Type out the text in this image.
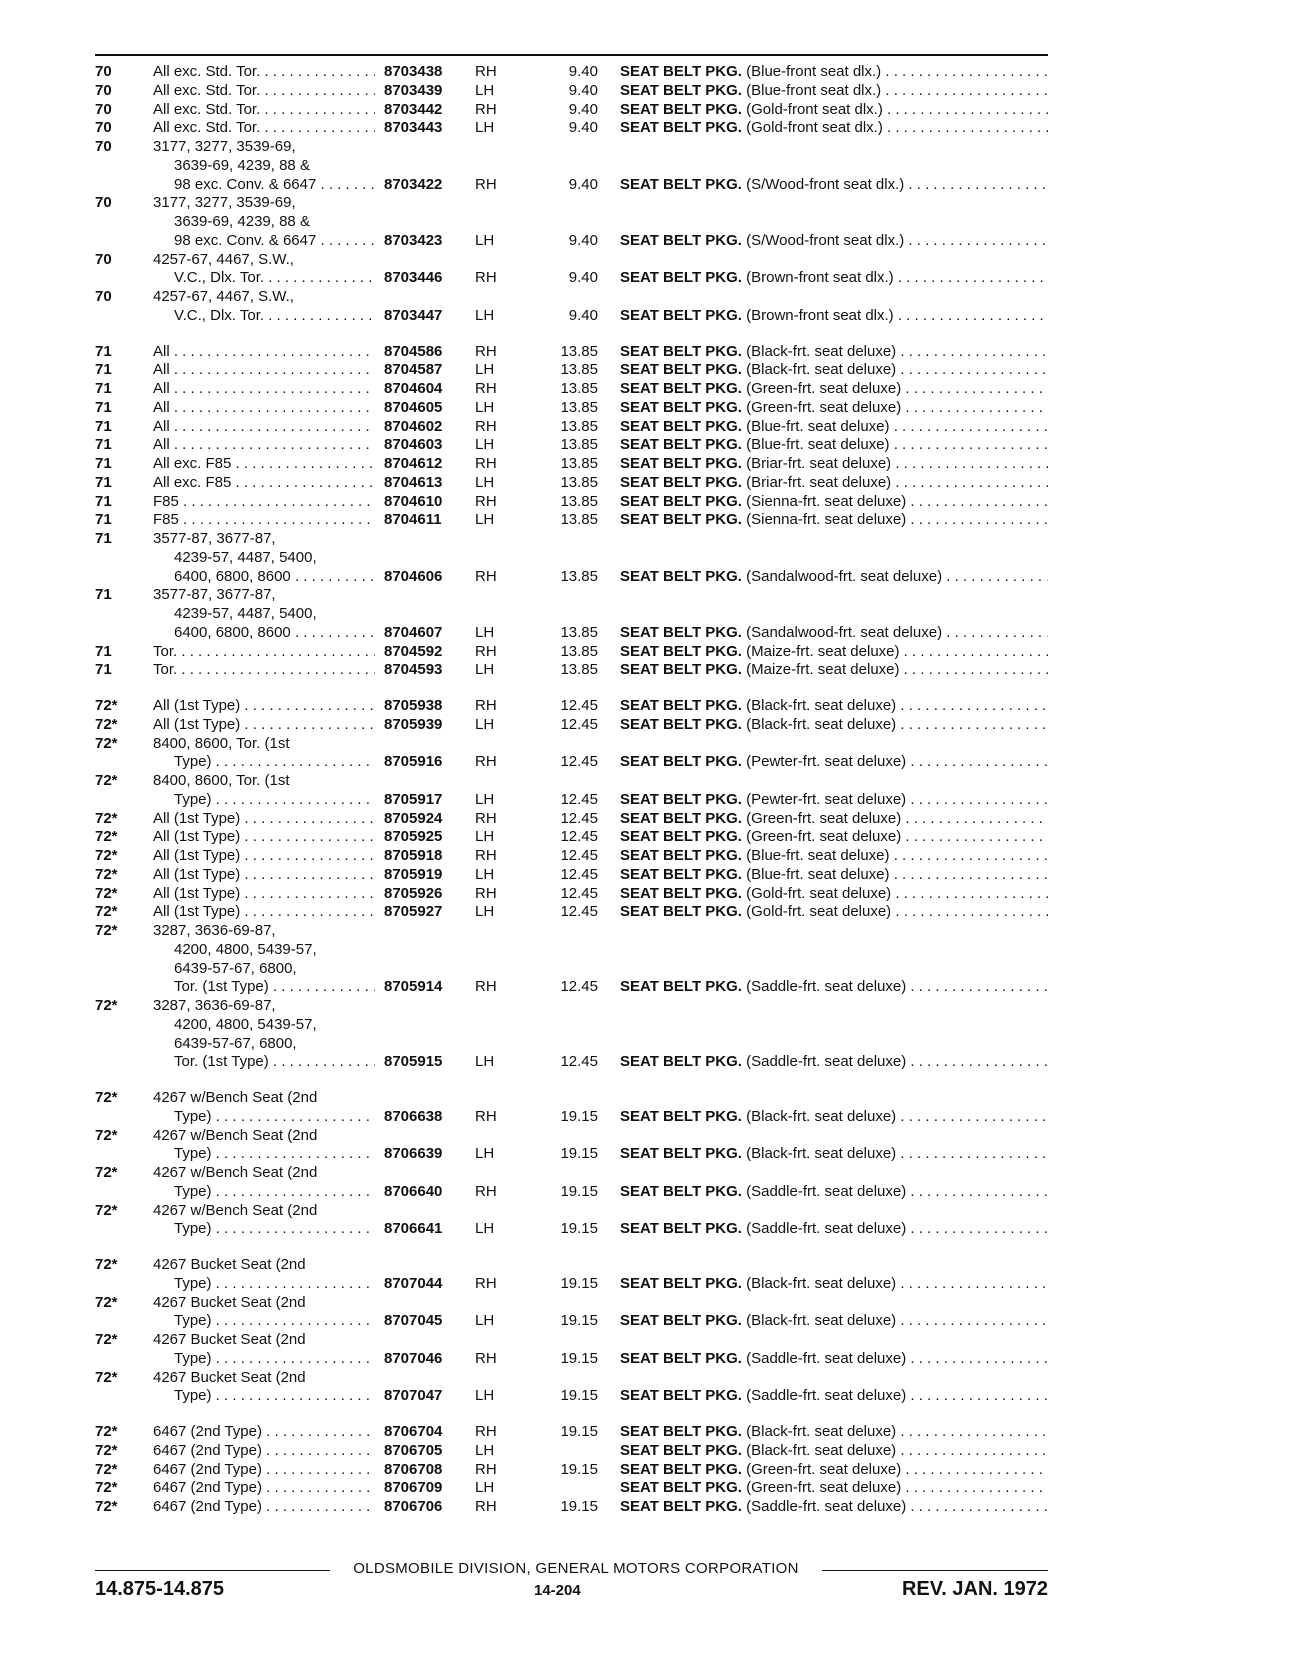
70	All exc. Std. Tor. . . .	8703438 RH	9.40 SEAT BELT PKG. (Blue-front seat dlx.) . . .
70	All exc. Std. Tor. . . .	8703439 LH	9.40 SEAT BELT PKG. (Blue-front seat dlx.) . . .
70	All exc. Std. Tor. . . .	8703442 RH	9.40 SEAT BELT PKG. (Gold-front seat dlx.) . . .
70	All exc. Std. Tor. . . .	8703443 LH	9.40 SEAT BELT PKG. (Gold-front seat dlx.) . . .
70	3177, 3277, 3539-69,
3639-69, 4239, 88 &
98 exc. Conv. & 6647 . . .	8703422 RH	9.40 SEAT BELT PKG. (S/Wood-front seat dlx.) . . .
70	3177, 3277, 3539-69,
3639-69, 4239, 88 &
98 exc. Conv. & 6647 . . .	8703423 LH	9.40 SEAT BELT PKG. (S/Wood-front seat dlx.) . . .
70	4257-67, 4467, S.W.,
V.C., Dlx. Tor. . . .	8703446 RH	9.40 SEAT BELT PKG. (Brown-front seat dlx.) . . .
70	4257-67, 4467, S.W.,
V.C., Dlx. Tor. . . .	8703447 LH	9.40 SEAT BELT PKG. (Brown-front seat dlx.) . . .
71	All . . .	8704586 RH	13.85 SEAT BELT PKG. (Black-frt. seat deluxe) . . .
71	All . . .	8704587 LH	13.85 SEAT BELT PKG. (Black-frt. seat deluxe) . . .
71	All . . .	8704604 RH	13.85 SEAT BELT PKG. (Green-frt. seat deluxe) . . .
71	All . . .	8704605 LH	13.85 SEAT BELT PKG. (Green-frt. seat deluxe) . . .
71	All . . .	8704602 RH	13.85 SEAT BELT PKG. (Blue-frt. seat deluxe) . . .
71	All . . .	8704603 LH	13.85 SEAT BELT PKG. (Blue-frt. seat deluxe) . . .
71	All exc. F85 . . .	8704612 RH	13.85 SEAT BELT PKG. (Briar-frt. seat deluxe) . . .
71	All exc. F85 . . .	8704613 LH	13.85 SEAT BELT PKG. (Briar-frt. seat deluxe) . . .
71	F85 . . .	8704610 RH	13.85 SEAT BELT PKG. (Sienna-frt. seat deluxe) . . .
71	F85 . . .	8704611 LH	13.85 SEAT BELT PKG. (Sienna-frt. seat deluxe) . . .
71	3577-87, 3677-87,
4239-57, 4487, 5400,
6400, 6800, 8600 . . .	8704606 RH	13.85 SEAT BELT PKG. (Sandalwood-frt. seat deluxe) . . .
71	3577-87, 3677-87,
4239-57, 4487, 5400,
6400, 6800, 8600 . . .	8704607 LH	13.85 SEAT BELT PKG. (Sandalwood-frt. seat deluxe) . . .
71	Tor. . . .	8704592 RH	13.85 SEAT BELT PKG. (Maize-frt. seat deluxe) . . .
71	Tor. . . .	8704593 LH	13.85 SEAT BELT PKG. (Maize-frt. seat deluxe) . . .
72* All (1st Type) . . .	8705938 RH	12.45 SEAT BELT PKG. (Black-frt. seat deluxe) . . .
72* All (1st Type) . . .	8705939 LH	12.45 SEAT BELT PKG. (Black-frt. seat deluxe) . . .
72* 8400, 8600, Tor. (1st
Type) . . .	8705916 RH	12.45 SEAT BELT PKG. (Pewter-frt. seat deluxe) . . .
72* 8400, 8600, Tor. (1st
Type) . . .	8705917 LH	12.45 SEAT BELT PKG. (Pewter-frt. seat deluxe) . . .
72* All (1st Type) . . .	8705924 RH	12.45 SEAT BELT PKG. (Green-frt. seat deluxe) . . .
72* All (1st Type) . . .	8705925 LH	12.45 SEAT BELT PKG. (Green-frt. seat deluxe) . . .
72* All (1st Type) . . .	8705918 RH	12.45 SEAT BELT PKG. (Blue-frt. seat deluxe) . . .
72* All (1st Type) . . .	8705919 LH	12.45 SEAT BELT PKG. (Blue-frt. seat deluxe) . . .
72* All (1st Type) . . .	8705926 RH	12.45 SEAT BELT PKG. (Gold-frt. seat deluxe) . . .
72* All (1st Type) . . .	8705927 LH	12.45 SEAT BELT PKG. (Gold-frt. seat deluxe) . . .
72* 3287, 3636-69-87,
4200, 4800, 5439-57,
6439-57-67, 6800,
Tor. (1st Type) . . .	8705914 RH	12.45 SEAT BELT PKG. (Saddle-frt. seat deluxe) . . .
72* 3287, 3636-69-87,
4200, 4800, 5439-57,
6439-57-67, 6800,
Tor. (1st Type) . . .	8705915 LH	12.45 SEAT BELT PKG. (Saddle-frt. seat deluxe) . . .
72* 4267 w/Bench Seat (2nd
Type) . . .	8706638 RH	19.15 SEAT BELT PKG. (Black-frt. seat deluxe) . . .
72* 4267 w/Bench Seat (2nd
Type) . . .	8706639 LH	19.15 SEAT BELT PKG. (Black-frt. seat deluxe) . . .
72* 4267 w/Bench Seat (2nd
Type) . . .	8706640 RH	19.15 SEAT BELT PKG. (Saddle-frt. seat deluxe) . . .
72* 4267 w/Bench Seat (2nd
Type) . . .	8706641 LH	19.15 SEAT BELT PKG. (Saddle-frt. seat deluxe) . . .
72* 4267 Bucket Seat (2nd
Type) . . .	8707044 RH	19.15 SEAT BELT PKG. (Black-frt. seat deluxe) . . .
72* 4267 Bucket Seat (2nd
Type) . . .	8707045 LH	19.15 SEAT BELT PKG. (Black-frt. seat deluxe) . . .
72* 4267 Bucket Seat (2nd
Type) . . .	8707046 RH	19.15 SEAT BELT PKG. (Saddle-frt. seat deluxe) . . .
72* 4267 Bucket Seat (2nd
Type) . . .	8707047 LH	19.15 SEAT BELT PKG. (Saddle-frt. seat deluxe) . . .
72* 6467 (2nd Type) . . .	8706704 RH	19.15 SEAT BELT PKG. (Black-frt. seat deluxe) . . .
72* 6467 (2nd Type) . . .	8706705 LH	SEAT BELT PKG. (Black-frt. seat deluxe) . . .
72* 6467 (2nd Type) . . .	8706708 RH	19.15 SEAT BELT PKG. (Green-frt. seat deluxe) . . .
72* 6467 (2nd Type) . . .	8706709 LH	SEAT BELT PKG. (Green-frt. seat deluxe) . . .
72* 6467 (2nd Type) . . .	8706706 RH	19.15 SEAT BELT PKG. (Saddle-frt. seat deluxe) . . .
OLDSMOBILE DIVISION, GENERAL MOTORS CORPORATION
14.875-14.875	14-204	REV. JAN. 1972
